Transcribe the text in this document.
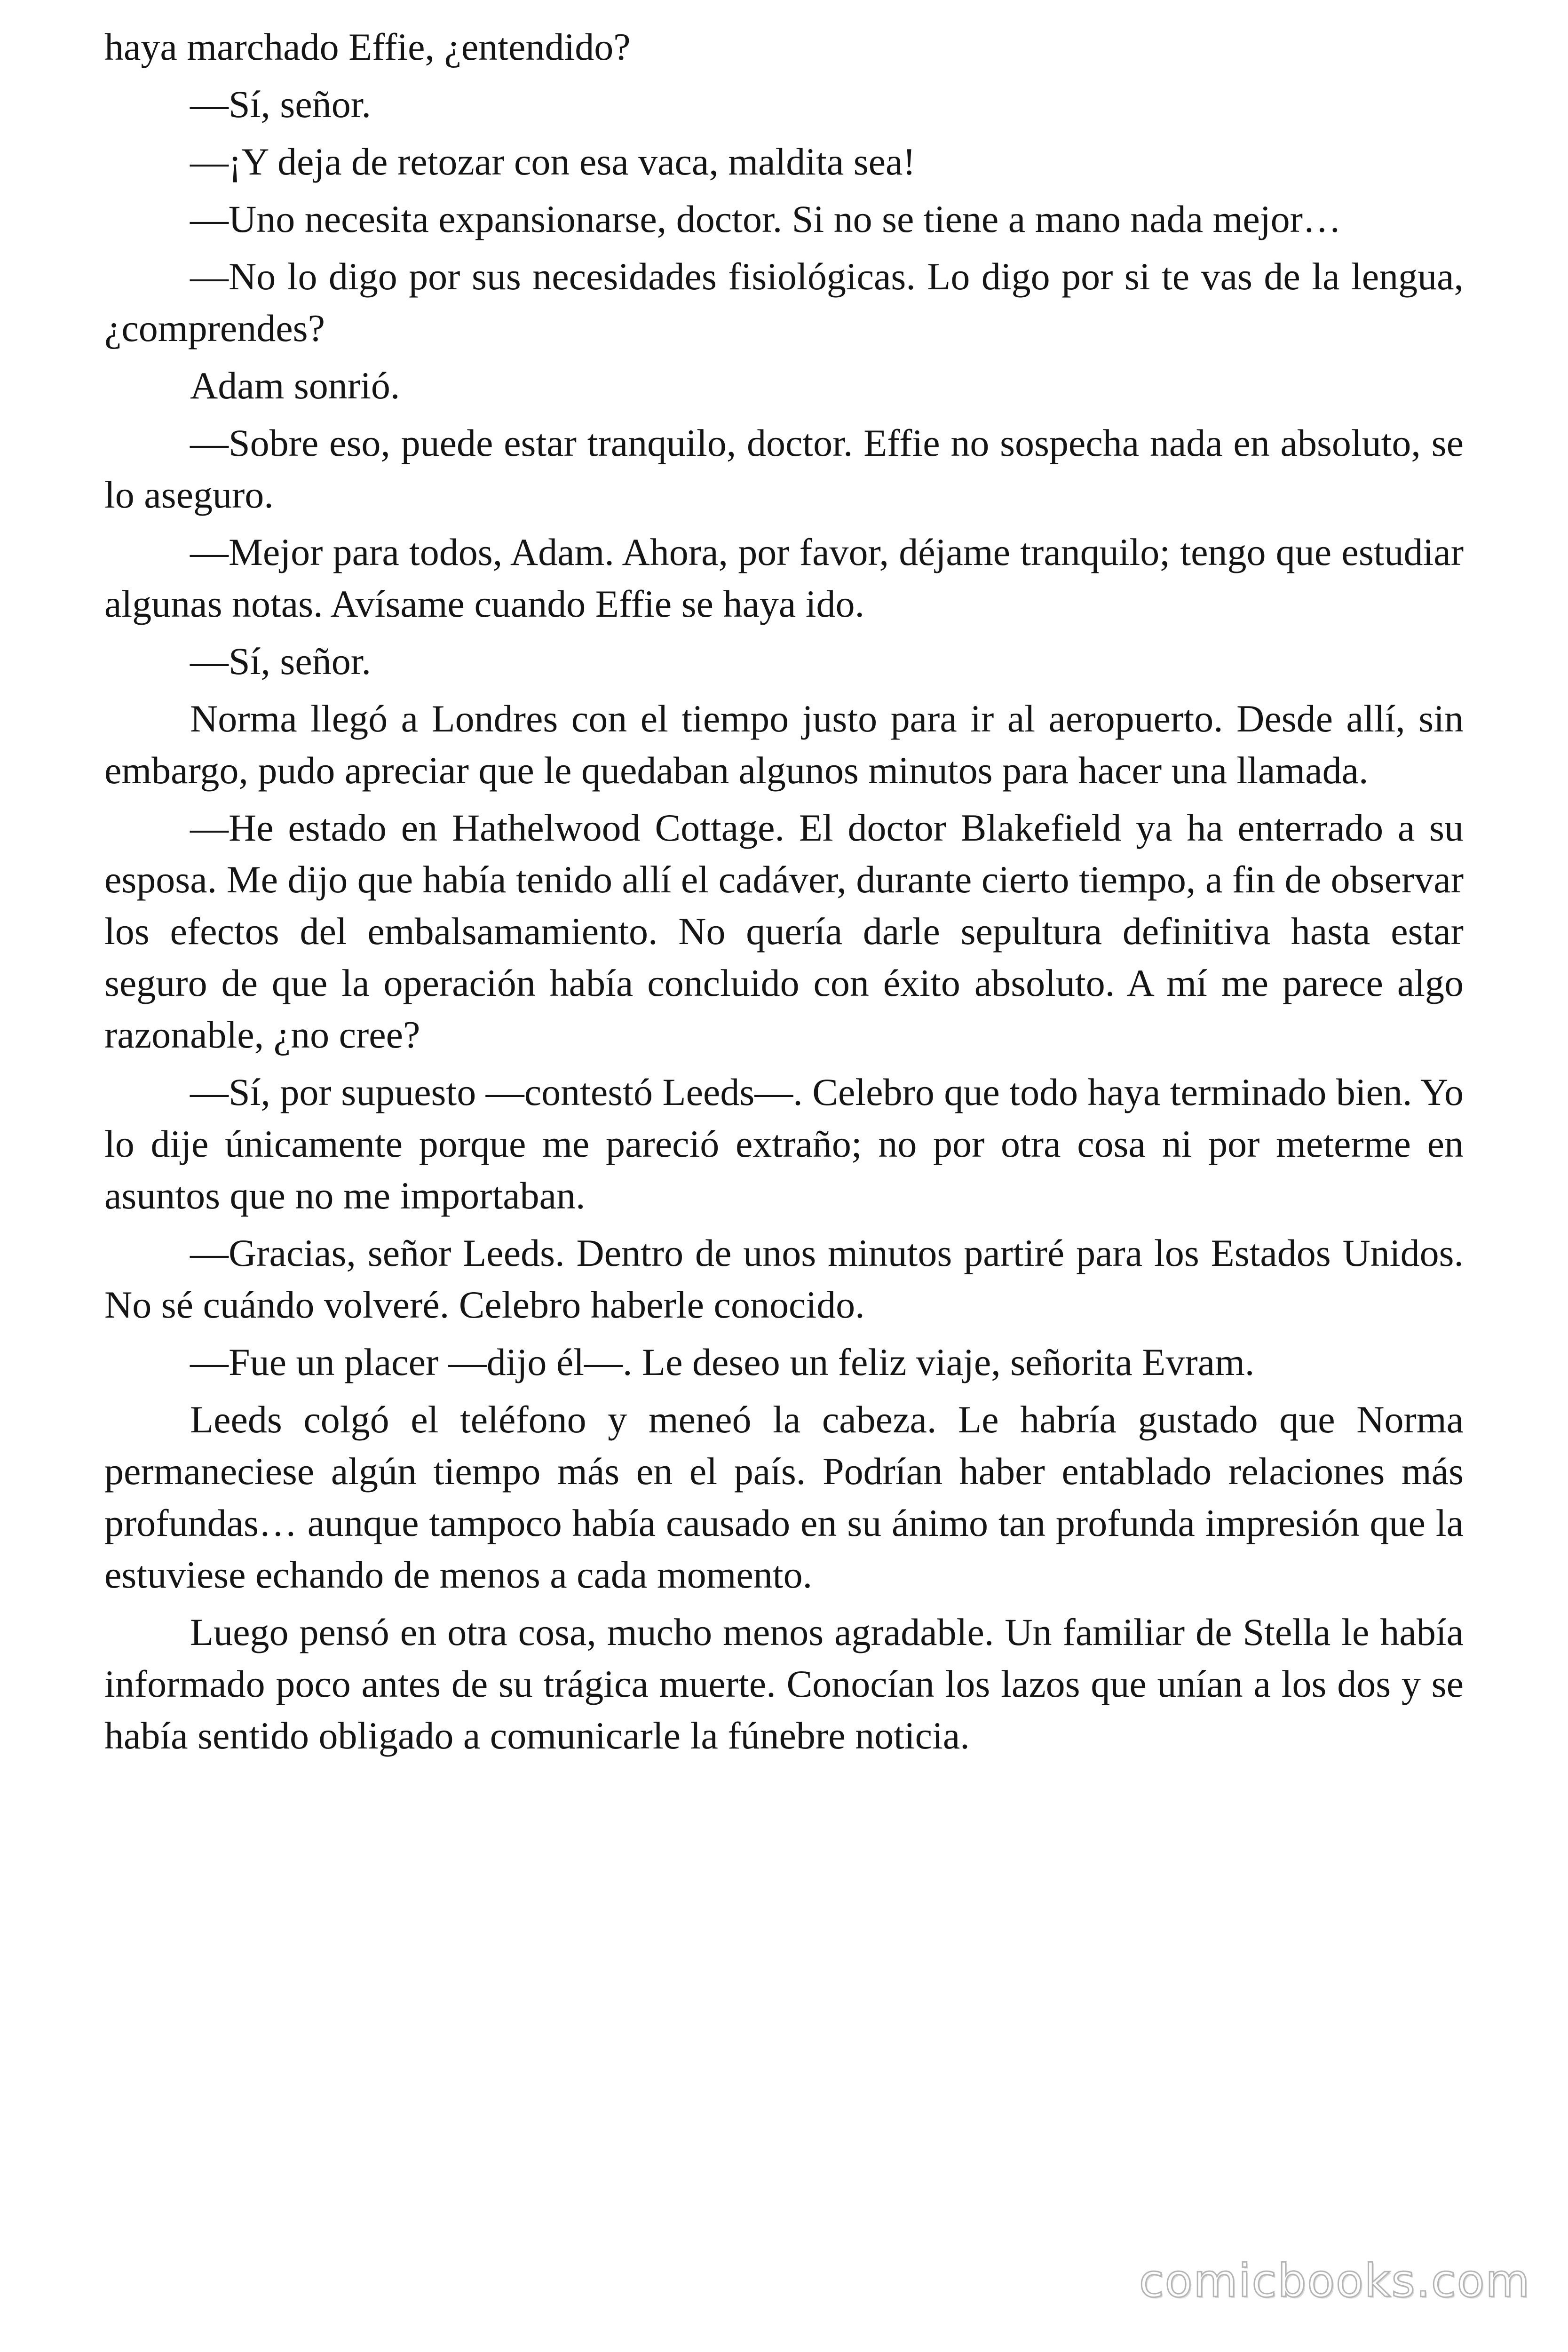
haya marchado Effie, ¿entendido?

—Sí, señor.

—¡Y deja de retozar con esa vaca, maldita sea!

—Uno necesita expansionarse, doctor. Si no se tiene a mano nada mejor…

—No lo digo por sus necesidades fisiológicas. Lo digo por si te vas de la lengua, ¿comprendes?

Adam sonrió.

—Sobre eso, puede estar tranquilo, doctor. Effie no sospecha nada en absoluto, se lo aseguro.

—Mejor para todos, Adam. Ahora, por favor, déjame tranquilo; tengo que estudiar algunas notas. Avísame cuando Effie se haya ido.

—Sí, señor.

Norma llegó a Londres con el tiempo justo para ir al aeropuerto. Desde allí, sin embargo, pudo apreciar que le quedaban algunos minutos para hacer una llamada.

—He estado en Hathelwood Cottage. El doctor Blakefield ya ha enterrado a su esposa. Me dijo que había tenido allí el cadáver, durante cierto tiempo, a fin de observar los efectos del embalsamamiento. No quería darle sepultura definitiva hasta estar seguro de que la operación había concluido con éxito absoluto. A mí me parece algo razonable, ¿no cree?

—Sí, por supuesto —contestó Leeds—. Celebro que todo haya terminado bien. Yo lo dije únicamente porque me pareció extraño; no por otra cosa ni por meterme en asuntos que no me importaban.

—Gracias, señor Leeds. Dentro de unos minutos partiré para los Estados Unidos. No sé cuándo volveré. Celebro haberle conocido.

—Fue un placer —dijo él—. Le deseo un feliz viaje, señorita Evram.

Leeds colgó el teléfono y meneó la cabeza. Le habría gustado que Norma permaneciese algún tiempo más en el país. Podrían haber entablado relaciones más profundas… aunque tampoco había causado en su ánimo tan profunda impresión que la estuviese echando de menos a cada momento.

Luego pensó en otra cosa, mucho menos agradable. Un familiar de Stella le había informado poco antes de su trágica muerte. Conocían los lazos que unían a los dos y se había sentido obligado a comunicarle la fúnebre noticia.

comicbooks.com
